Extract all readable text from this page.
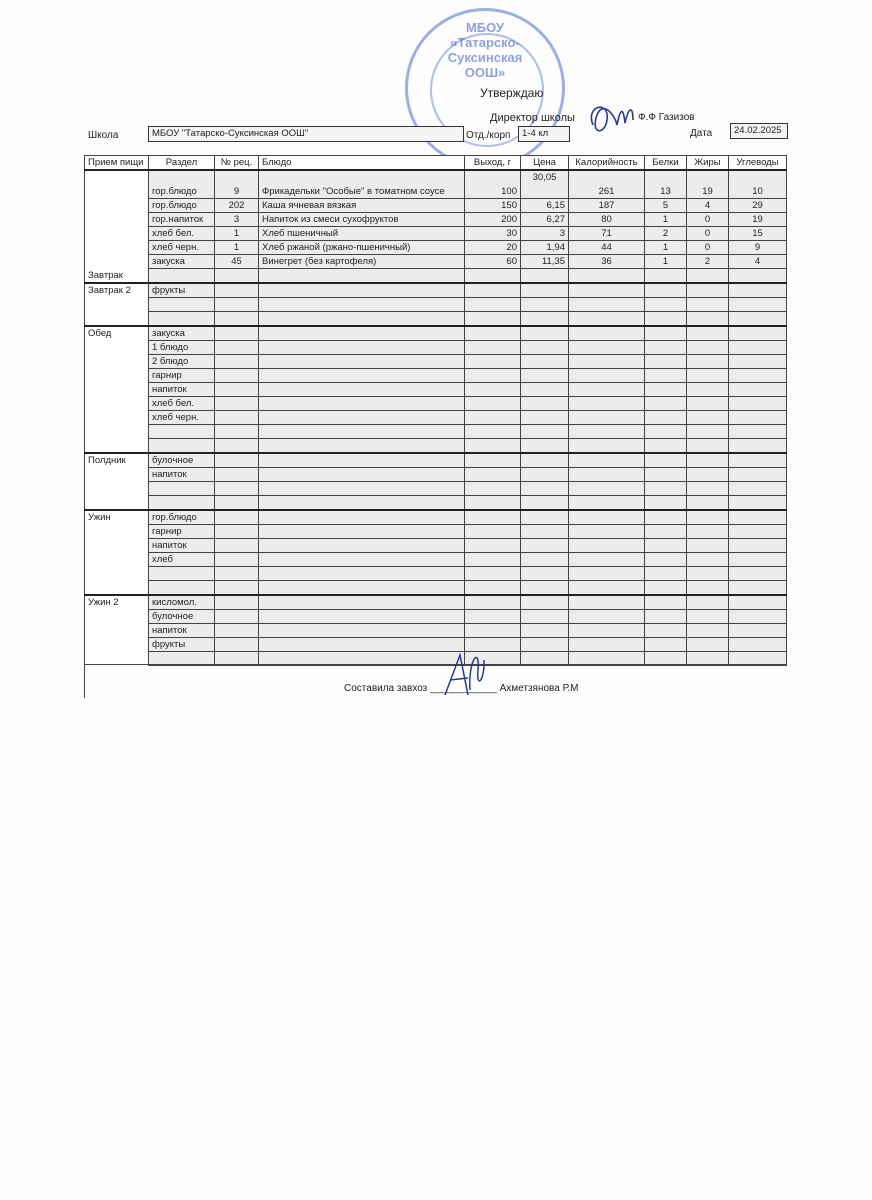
МБОУ
«Татарско-
Суксинская
ООШ»
Утверждаю
Директор школы	Ф.Ф Газизов
Школа	МБОУ "Татарско-Суксинская ООШ"	Отд./корп	1-4 кл	Дата	24.02.2025
Прием пищи	Раздел	№ рец.	Блюдо	Выход, г	Цена	Калорийность	Белки	Жиры	Углеводы
Завтрак	гор.блюдо	9	Фрикадельки "Особые" в томатном соусе	100	30,05	261	13	19	10
	гор.блюдо	202	Каша ячневая вязкая	150	6,15	187	5	4	29
	гор.напиток	3	Напиток из смеси сухофруктов	200	6,27	80	1	0	19
	хлеб бел.	1	Хлеб пшеничный	30	3	71	2	0	15
	хлеб черн.	1	Хлеб ржаной (ржано-пшеничный)	20	1,94	44	1	0	9
	закуска	45	Винегрет (без картофеля)	60	11,35	36	1	2	4

Завтрак 2	фрукты								

Обед	закуска								
	1 блюдо								
	2 блюдо								
	гарнир								
	напиток								
	хлеб бел.								
	хлеб черн.								

Полдник	булочное								
	напиток								

Ужин	гор.блюдо								
	гарнир								
	напиток								
	хлеб								

Ужин 2	кисломол.								
	булочное								
	напиток								
	фрукты								

Составила завхоз ____________ Ахметзянова Р.М
